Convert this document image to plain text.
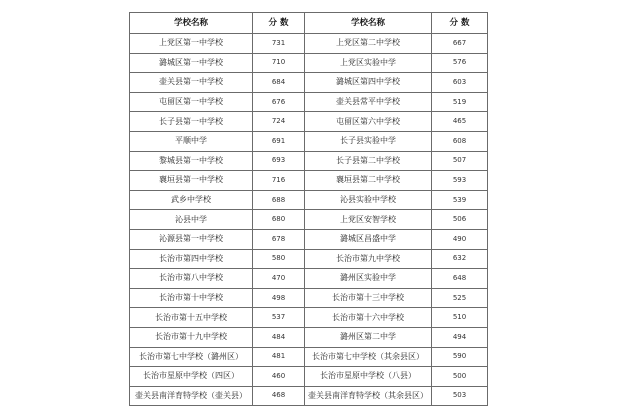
学校名称	分 数	学校名称	分 数
上党区第一中学校	731	上党区第二中学校	667
潞城区第一中学校	710	上党区实验中学	576
壶关县第一中学校	684	潞城区第四中学校	603
屯留区第一中学校	676	壶关县常平中学校	519
长子县第一中学校	724	屯留区第六中学校	465
平顺中学	691	长子县实验中学	608
黎城县第一中学校	693	长子县第二中学校	507
襄垣县第一中学校	716	襄垣县第二中学校	593
武乡中学校	688	沁县实验中学校	539
沁县中学	680	上党区安智学校	506
沁源县第一中学校	678	潞城区昌盛中学	490
长治市第四中学校	580	长治市第九中学校	632
长治市第八中学校	470	潞州区实验中学	648
长治市第十中学校	498	长治市第十三中学校	525
长治市第十五中学校	537	长治市第十六中学校	510
长治市第十九中学校	484	潞州区第二中学	494
长治市第七中学校（潞州区）	481	长治市第七中学校（其余县区）	590
长治市星原中学校（四区）	460	长治市星原中学校（八县）	500
壶关县南洋育特学校（壶关县）	468	壶关县南洋育特学校（其余县区）	503
